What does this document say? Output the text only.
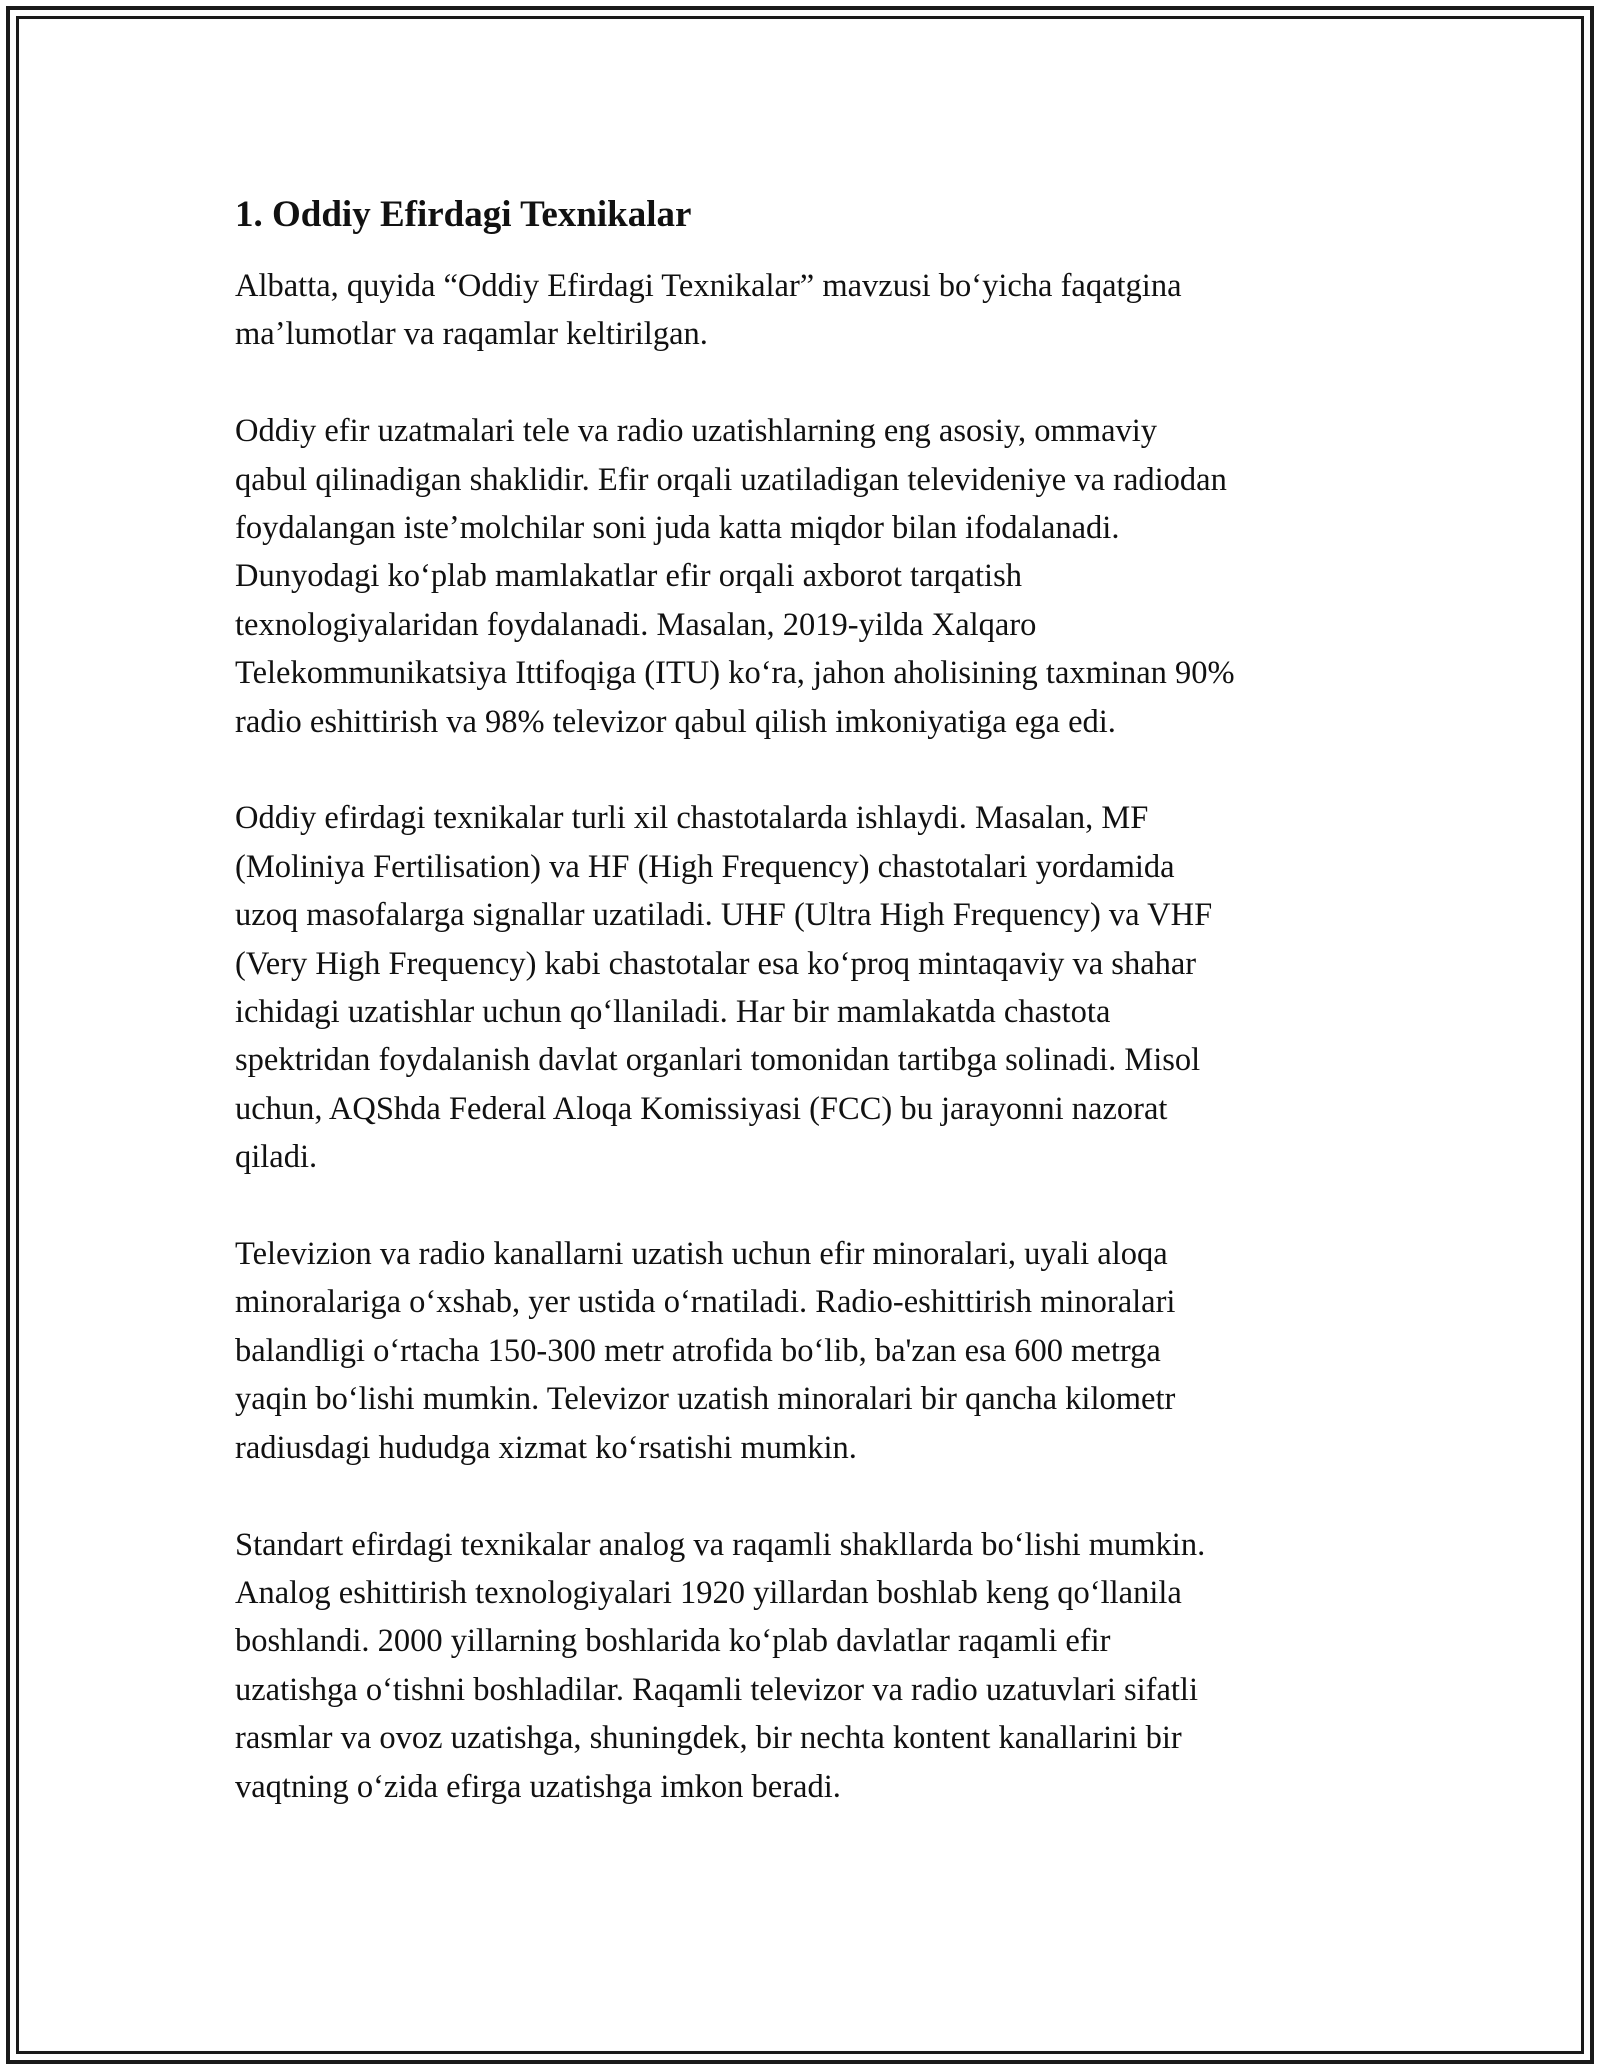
1. Oddiy Efirdagi Texnikalar

Albatta, quyida “Oddiy Efirdagi Texnikalar” mavzusi boʻyicha faqatgina
maʼlumotlar va raqamlar keltirilgan.

Oddiy efir uzatmalari tele va radio uzatishlarning eng asosiy, ommaviy
qabul qilinadigan shaklidir. Efir orqali uzatiladigan televideniye va radiodan
foydalangan isteʼmolchilar soni juda katta miqdor bilan ifodalanadi.
Dunyodagi koʻplab mamlakatlar efir orqali axborot tarqatish
texnologiyalaridan foydalanadi. Masalan, 2019-yilda Xalqaro
Telekommunikatsiya Ittifoqiga (ITU) koʻra, jahon aholisining taxminan 90%
radio eshittirish va 98% televizor qabul qilish imkoniyatiga ega edi.

Oddiy efirdagi texnikalar turli xil chastotalarda ishlaydi. Masalan, MF
(Moliniya Fertilisation) va HF (High Frequency) chastotalari yordamida
uzoq masofalarga signallar uzatiladi. UHF (Ultra High Frequency) va VHF
(Very High Frequency) kabi chastotalar esa koʻproq mintaqaviy va shahar
ichidagi uzatishlar uchun qoʻllaniladi. Har bir mamlakatda chastota
spektridan foydalanish davlat organlari tomonidan tartibga solinadi. Misol
uchun, AQShda Federal Aloqa Komissiyasi (FCC) bu jarayonni nazorat
qiladi.

Televizion va radio kanallarni uzatish uchun efir minoralari, uyali aloqa
minoralariga oʻxshab, yer ustida oʻrnatiladi. Radio-eshittirish minoralari
balandligi oʻrtacha 150-300 metr atrofida boʻlib, ba'zan esa 600 metrga
yaqin boʻlishi mumkin. Televizor uzatish minoralari bir qancha kilometr
radiusdagi hududga xizmat koʻrsatishi mumkin.

Standart efirdagi texnikalar analog va raqamli shakllarda boʻlishi mumkin.
Analog eshittirish texnologiyalari 1920 yillardan boshlab keng qoʻllanila
boshlandi. 2000 yillarning boshlarida koʻplab davlatlar raqamli efir
uzatishga oʻtishni boshladilar. Raqamli televizor va radio uzatuvlari sifatli
rasmlar va ovoz uzatishga, shuningdek, bir nechta kontent kanallarini bir
vaqtning oʻzida efirga uzatishga imkon beradi.
